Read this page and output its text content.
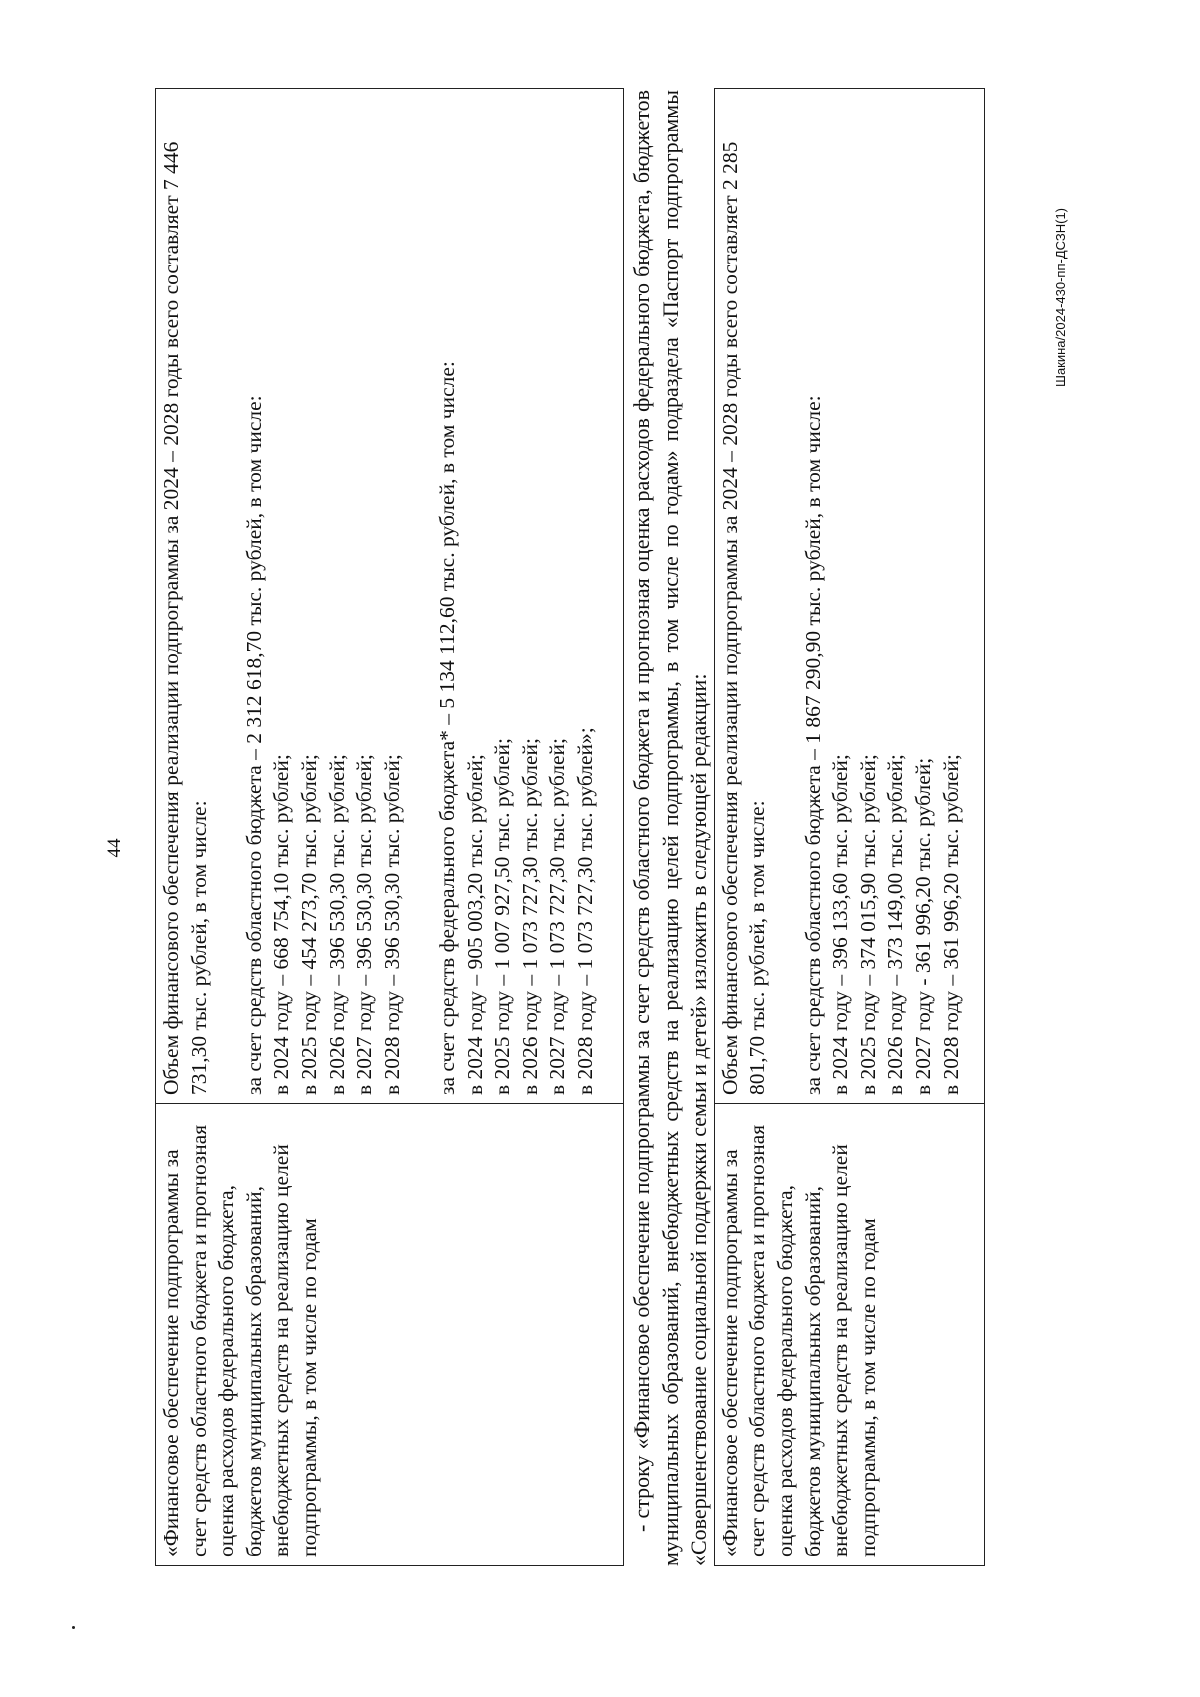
44
Шакина/2024-430-пп-ДСЗН(1)
«Финансовое обеспечение подпрограммы за счет средств областного бюджета и прогнозная оценка расходов федерального бюджета, бюджетов муниципальных образований, внебюджетных средств на реализацию целей подпрограммы, в том числе по годам	Объем финансового обеспечения реализации подпрограммы за 2024 – 2028 годы всего составляет 7 446 731,30 тыс. рублей, в том числе: за счет средств областного бюджета – 2 312 618,70 тыс. рублей, в том числе: в 2024 году – 668 754,10 тыс. рублей; в 2025 году – 454 273,70 тыс. рублей; в 2026 году – 396 530,30 тыс. рублей; в 2027 году – 396 530,30 тыс. рублей; в 2028 году – 396 530,30 тыс. рублей; за счет средств федерального бюджета* – 5 134 112,60 тыс. рублей, в том числе: в 2024 году – 905 003,20 тыс. рублей; в 2025 году – 1 007 927,50 тыс. рублей; в 2026 году – 1 073 727,30 тыс. рублей; в 2027 году – 1 073 727,30 тыс. рублей; в 2028 году – 1 073 727,30 тыс. рублей»; - строку «Финансовое обеспечение подпрограммы за счет средств областного бюджета и прогнозная оценка расходов федерального бюджета, бюджетов муниципальных образований, внебюджетных средств на реализацию целей подпрограммы, в том числе по годам» подраздела «Паспорт подпрограммы «Совершенствование социальной поддержки семьи и детей» изложить в следующей редакции: «Финансовое обеспечение подпрограммы за счет средств областного бюджета и прогнозная оценка расходов федерального бюджета, бюджетов муниципальных образований, внебюджетных средств на реализацию целей подпрограммы, в том числе по годам	Объем финансового обеспечения реализации подпрограммы за 2024 – 2028 годы всего составляет 2 285 801,70 тыс. рублей, в том числе: за счет средств областного бюджета – 1 867 290,90 тыс. рублей, в том числе: в 2024 году – 396 133,60 тыс. рублей; в 2025 году – 374 015,90 тыс. рублей; в 2026 году – 373 149,00 тыс. рублей; в 2027 году - 361 996,20 тыс. рублей; в 2028 году – 361 996,20 тыс. рублей;
